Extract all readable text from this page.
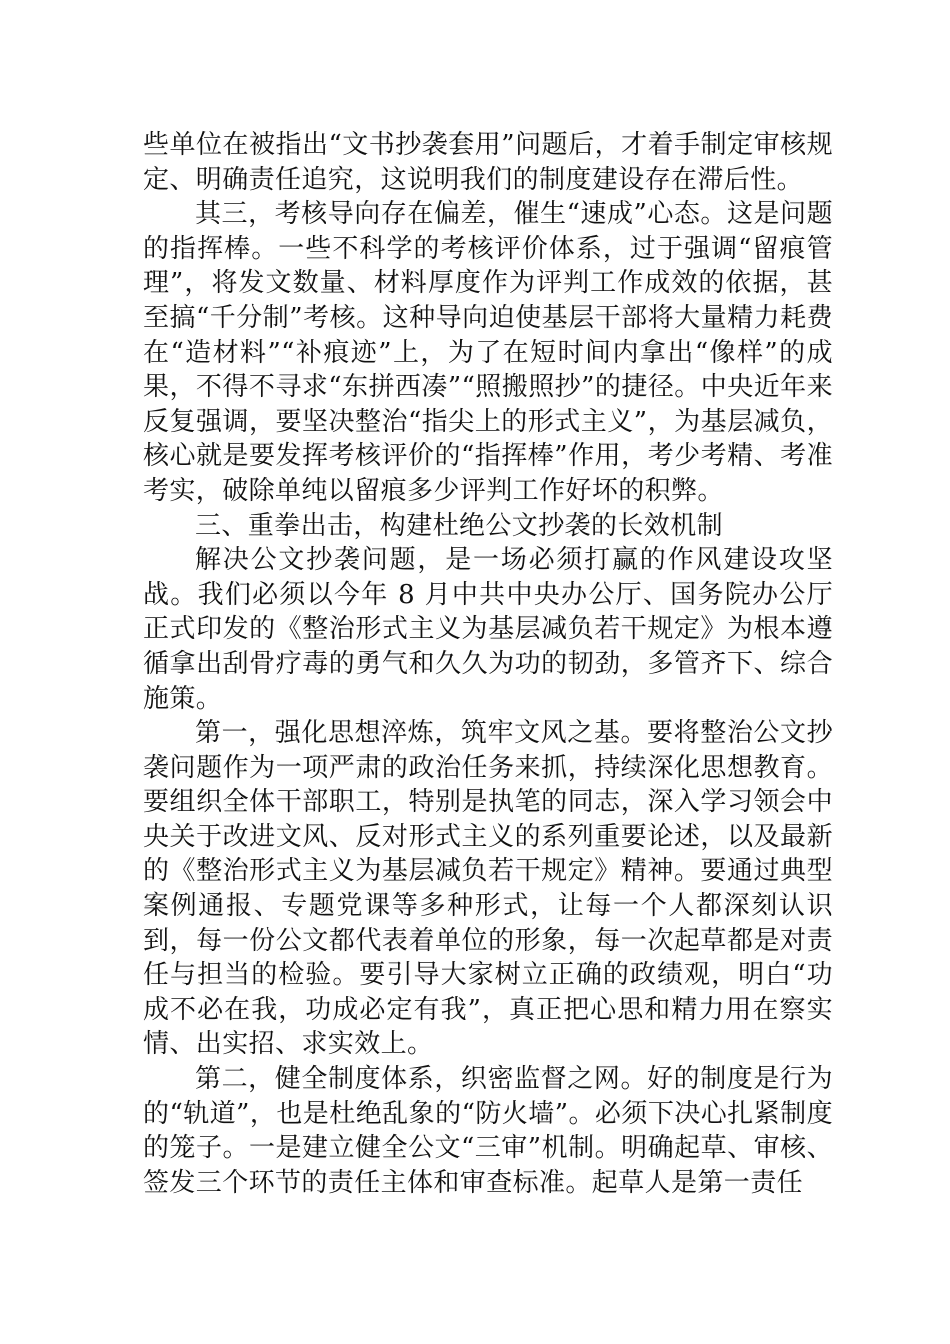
些单位在被指出“文书抄袭套用”问题后，才着手制定审核规定、明确责任追究，这说明我们的制度建设存在滞后性。

其三，考核导向存在偏差，催生“速成”心态。这是问题的指挥棒。一些不科学的考核评价体系，过于强调“留痕管理”，将发文数量、材料厚度作为评判工作成效的依据，甚至搞“千分制”考核。这种导向迫使基层干部将大量精力耗费在“造材料”“补痕迹”上，为了在短时间内拿出“像样”的成果，不得不寻求“东拼西凑”“照搬照抄”的捷径。中央近年来反复强调，要坚决整治“指尖上的形式主义”，为基层减负，核心就是要发挥考核评价的“指挥棒”作用，考少考精、考准考实，破除单纯以留痕多少评判工作好坏的积弊。

三、重拳出击，构建杜绝公文抄袭的长效机制

解决公文抄袭问题，是一场必须打赢的作风建设攻坚战。我们必须以今年 8 月中共中央办公厅、国务院办公厅正式印发的《整治形式主义为基层减负若干规定》为根本遵循拿出刮骨疗毒的勇气和久久为功的韧劲，多管齐下、综合施策。

第一，强化思想淬炼，筑牢文风之基。要将整治公文抄袭问题作为一项严肃的政治任务来抓，持续深化思想教育。要组织全体干部职工，特别是执笔的同志，深入学习领会中央关于改进文风、反对形式主义的系列重要论述，以及最新的《整治形式主义为基层减负若干规定》精神。要通过典型案例通报、专题党课等多种形式，让每一个人都深刻认识到，每一份公文都代表着单位的形象，每一次起草都是对责任与担当的检验。要引导大家树立正确的政绩观，明白“功成不必在我，功成必定有我”，真正把心思和精力用在察实情、出实招、求实效上。

第二，健全制度体系，织密监督之网。好的制度是行为的“轨道”，也是杜绝乱象的“防火墙”。必须下决心扎紧制度的笼子。一是建立健全公文“三审”机制。明确起草、审核、签发三个环节的责任主体和审查标准。起草人是第一责任
